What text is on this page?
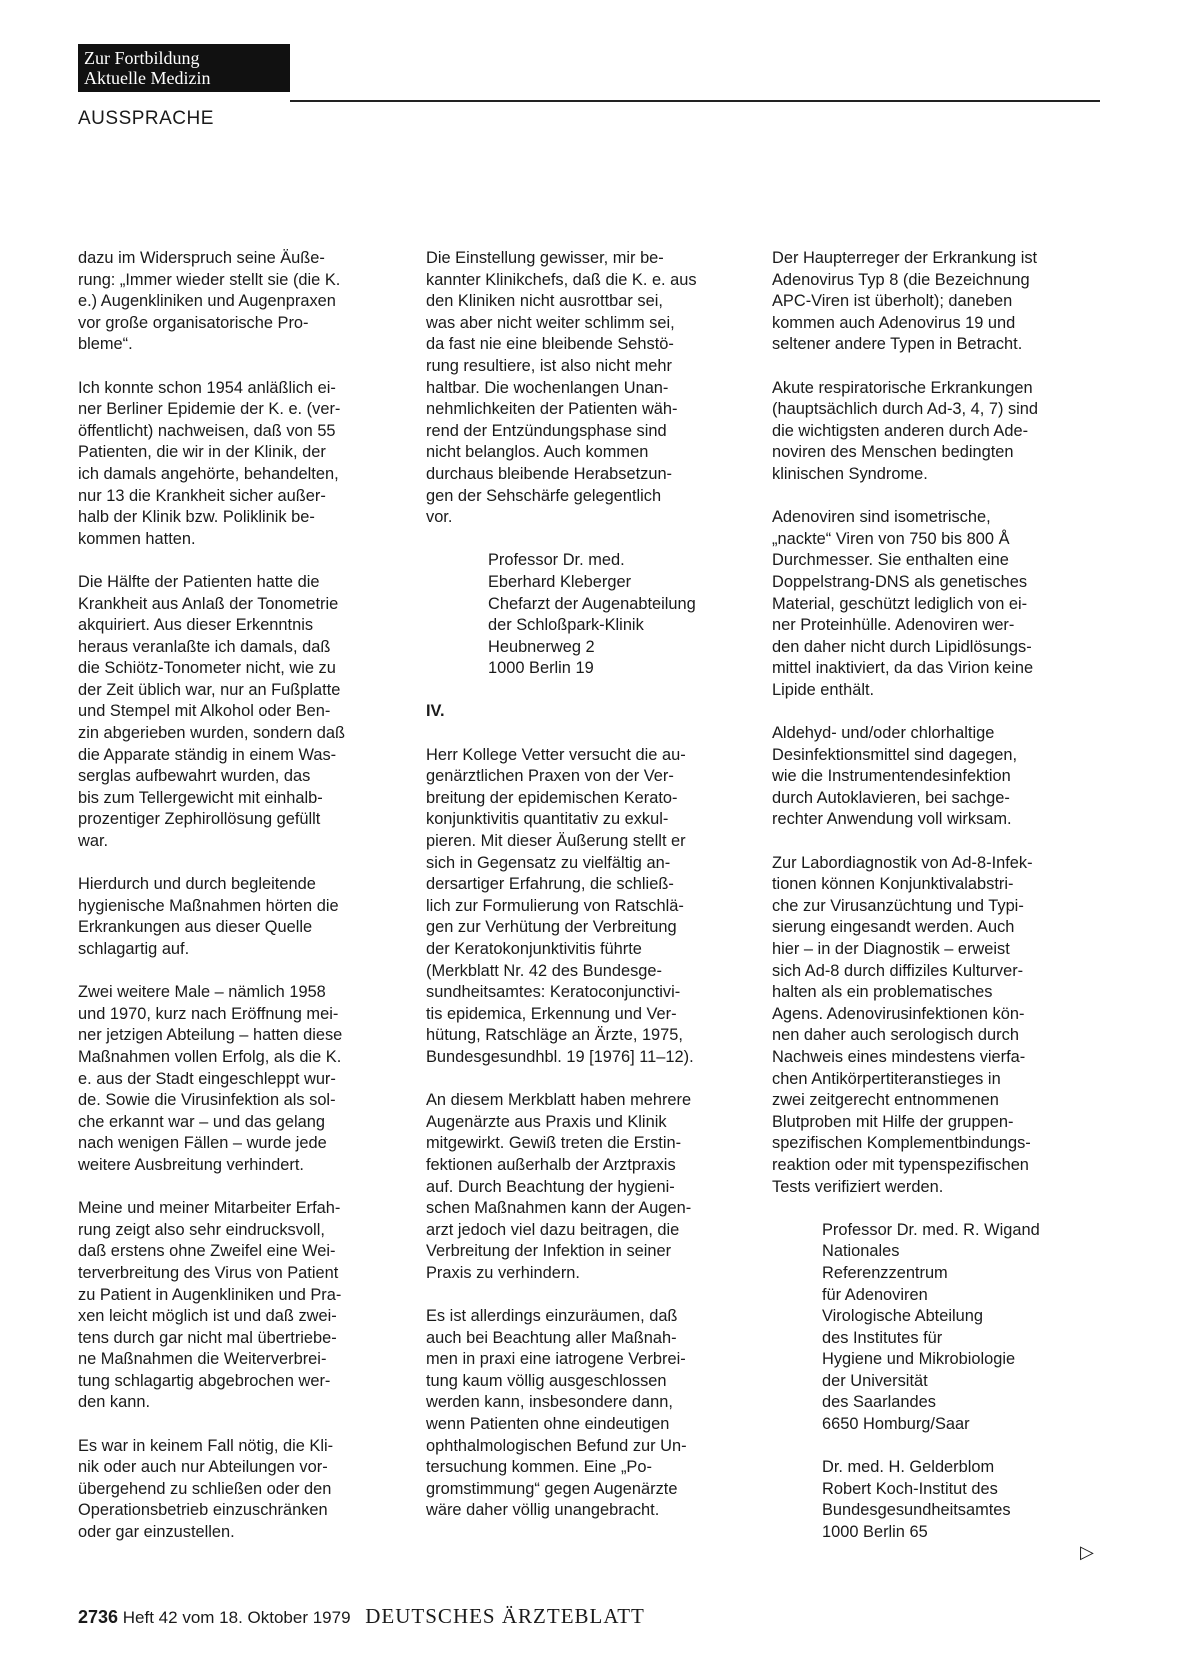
Zur Fortbildung
Aktuelle Medizin
AUSSPRACHE

dazu im Widerspruch seine Äuße-
rung: „Immer wieder stellt sie (die K.
e.) Augenkliniken und Augenpraxen
vor große organisatorische Pro-
bleme“.

Ich konnte schon 1954 anläßlich ei-
ner Berliner Epidemie der K. e. (ver-
öffentlicht) nachweisen, daß von 55
Patienten, die wir in der Klinik, der
ich damals angehörte, behandelten,
nur 13 die Krankheit sicher außer-
halb der Klinik bzw. Poliklinik be-
kommen hatten.

Die Hälfte der Patienten hatte die
Krankheit aus Anlaß der Tonometrie
akquiriert. Aus dieser Erkenntnis
heraus veranlaßte ich damals, daß
die Schiötz-Tonometer nicht, wie zu
der Zeit üblich war, nur an Fußplatte
und Stempel mit Alkohol oder Ben-
zin abgerieben wurden, sondern daß
die Apparate ständig in einem Was-
serglas aufbewahrt wurden, das
bis zum Tellergewicht mit einhalb-
prozentiger Zephirollösung gefüllt
war.

Hierdurch und durch begleitende
hygienische Maßnahmen hörten die
Erkrankungen aus dieser Quelle
schlagartig auf.

Zwei weitere Male – nämlich 1958
und 1970, kurz nach Eröffnung mei-
ner jetzigen Abteilung – hatten diese
Maßnahmen vollen Erfolg, als die K.
e. aus der Stadt eingeschleppt wur-
de. Sowie die Virusinfektion als sol-
che erkannt war – und das gelang
nach wenigen Fällen – wurde jede
weitere Ausbreitung verhindert.

Meine und meiner Mitarbeiter Erfah-
rung zeigt also sehr eindrucksvoll,
daß erstens ohne Zweifel eine Wei-
terverbreitung des Virus von Patient
zu Patient in Augenkliniken und Pra-
xen leicht möglich ist und daß zwei-
tens durch gar nicht mal übertriebe-
ne Maßnahmen die Weiterverbrei-
tung schlagartig abgebrochen wer-
den kann.

Es war in keinem Fall nötig, die Kli-
nik oder auch nur Abteilungen vor-
übergehend zu schließen oder den
Operationsbetrieb einzuschränken
oder gar einzustellen.

Die Einstellung gewisser, mir be-
kannter Klinikchefs, daß die K. e. aus
den Kliniken nicht ausrottbar sei,
was aber nicht weiter schlimm sei,
da fast nie eine bleibende Sehstö-
rung resultiere, ist also nicht mehr
haltbar. Die wochenlangen Unan-
nehmlichkeiten der Patienten wäh-
rend der Entzündungsphase sind
nicht belanglos. Auch kommen
durchaus bleibende Herabsetzun-
gen der Sehschärfe gelegentlich
vor.

Professor Dr. med.
Eberhard Kleberger
Chefarzt der Augenabteilung
der Schloßpark-Klinik
Heubnerweg 2
1000 Berlin 19

IV.

Herr Kollege Vetter versucht die au-
genärztlichen Praxen von der Ver-
breitung der epidemischen Kerato-
konjunktivitis quantitativ zu exkul-
pieren. Mit dieser Äußerung stellt er
sich in Gegensatz zu vielfältig an-
dersartiger Erfahrung, die schließ-
lich zur Formulierung von Ratschlä-
gen zur Verhütung der Verbreitung
der Keratokonjunktivitis führte
(Merkblatt Nr. 42 des Bundesge-
sundheitsamtes: Keratoconjunctivi-
tis epidemica, Erkennung und Ver-
hütung, Ratschläge an Ärzte, 1975,
Bundesgesundhbl. 19 [1976] 11–12).

An diesem Merkblatt haben mehrere
Augenärzte aus Praxis und Klinik
mitgewirkt. Gewiß treten die Erstin-
fektionen außerhalb der Arztpraxis
auf. Durch Beachtung der hygieni-
schen Maßnahmen kann der Augen-
arzt jedoch viel dazu beitragen, die
Verbreitung der Infektion in seiner
Praxis zu verhindern.

Es ist allerdings einzuräumen, daß
auch bei Beachtung aller Maßnah-
men in praxi eine iatrogene Verbrei-
tung kaum völlig ausgeschlossen
werden kann, insbesondere dann,
wenn Patienten ohne eindeutigen
ophthalmologischen Befund zur Un-
tersuchung kommen. Eine „Po-
gromstimmung“ gegen Augenärzte
wäre daher völlig unangebracht.

Der Haupterreger der Erkrankung ist
Adenovirus Typ 8 (die Bezeichnung
APC-Viren ist überholt); daneben
kommen auch Adenovirus 19 und
seltener andere Typen in Betracht.

Akute respiratorische Erkrankungen
(hauptsächlich durch Ad-3, 4, 7) sind
die wichtigsten anderen durch Ade-
noviren des Menschen bedingten
klinischen Syndrome.

Adenoviren sind isometrische,
„nackte“ Viren von 750 bis 800 Å
Durchmesser. Sie enthalten eine
Doppelstrang-DNS als genetisches
Material, geschützt lediglich von ei-
ner Proteinhülle. Adenoviren wer-
den daher nicht durch Lipidlösungs-
mittel inaktiviert, da das Virion keine
Lipide enthält.

Aldehyd- und/oder chlorhaltige
Desinfektionsmittel sind dagegen,
wie die Instrumentendesinfektion
durch Autoklavieren, bei sachge-
rechter Anwendung voll wirksam.

Zur Labordiagnostik von Ad-8-Infek-
tionen können Konjunktivalabstri-
che zur Virusanzüchtung und Typi-
sierung eingesandt werden. Auch
hier – in der Diagnostik – erweist
sich Ad-8 durch diffiziles Kulturver-
halten als ein problematisches
Agens. Adenovirusinfektionen kön-
nen daher auch serologisch durch
Nachweis eines mindestens vierfa-
chen Antikörpertiteranstieges in
zwei zeitgerecht entnommenen
Blutproben mit Hilfe der gruppen-
spezifischen Komplementbindungs-
reaktion oder mit typenspezifischen
Tests verifiziert werden.

Professor Dr. med. R. Wigand
Nationales
Referenzzentrum
für Adenoviren
Virologische Abteilung
des Institutes für
Hygiene und Mikrobiologie
der Universität
des Saarlandes
6650 Homburg/Saar

Dr. med. H. Gelderblom
Robert Koch-Institut des
Bundesgesundheitsamtes
1000 Berlin 65

▷
2736 Heft 42 vom 18. Oktober 1979 DEUTSCHES ÄRZTEBLATT
